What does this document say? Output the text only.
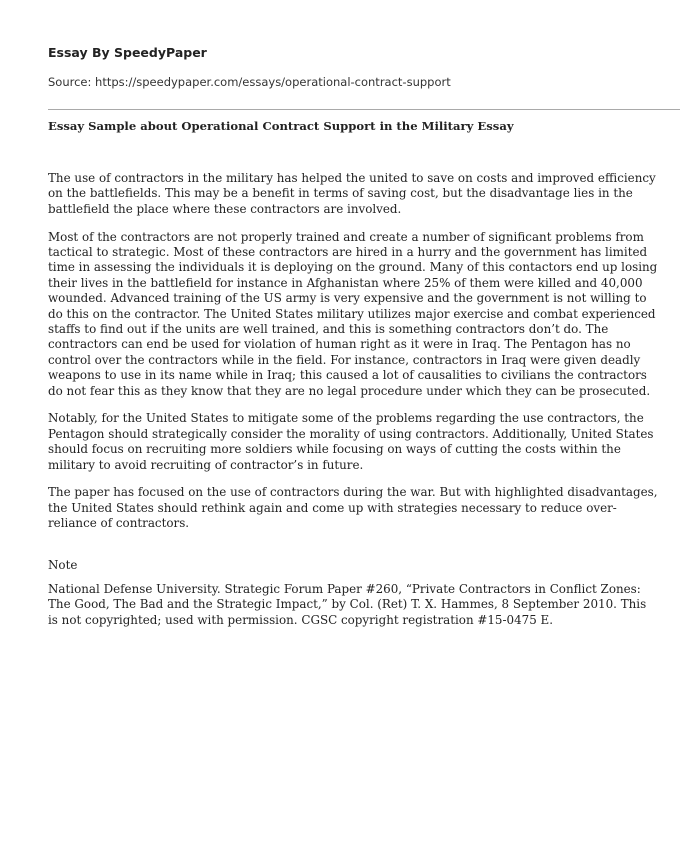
Essay By SpeedyPaper

Source: https://speedypaper.com/essays/operational-contract-support

Essay Sample about Operational Contract Support in the Military Essay

The use of contractors in the military has helped the united to save on costs and improved efficiency
on the battlefields. This may be a benefit in terms of saving cost, but the disadvantage lies in the
battlefield the place where these contractors are involved.

Most of the contractors are not properly trained and create a number of significant problems from
tactical to strategic. Most of these contractors are hired in a hurry and the government has limited
time in assessing the individuals it is deploying on the ground. Many of this contactors end up losing
their lives in the battlefield for instance in Afghanistan where 25% of them were killed and 40,000
wounded. Advanced training of the US army is very expensive and the government is not willing to
do this on the contractor. The United States military utilizes major exercise and combat experienced
staffs to find out if the units are well trained, and this is something contractors don’t do. The
contractors can end be used for violation of human right as it were in Iraq. The Pentagon has no
control over the contractors while in the field. For instance, contractors in Iraq were given deadly
weapons to use in its name while in Iraq; this caused a lot of causalities to civilians the contractors
do not fear this as they know that they are no legal procedure under which they can be prosecuted.

Notably, for the United States to mitigate some of the problems regarding the use contractors, the
Pentagon should strategically consider the morality of using contractors. Additionally, United States
should focus on recruiting more soldiers while focusing on ways of cutting the costs within the
military to avoid recruiting of contractor’s in future.

The paper has focused on the use of contractors during the war. But with highlighted disadvantages,
the United States should rethink again and come up with strategies necessary to reduce over-
reliance of contractors.

Note

National Defense University. Strategic Forum Paper #260, “Private Contractors in Conflict Zones:
The Good, The Bad and the Strategic Impact,” by Col. (Ret) T. X. Hammes, 8 September 2010. This
is not copyrighted; used with permission. CGSC copyright registration #15-0475 E.
